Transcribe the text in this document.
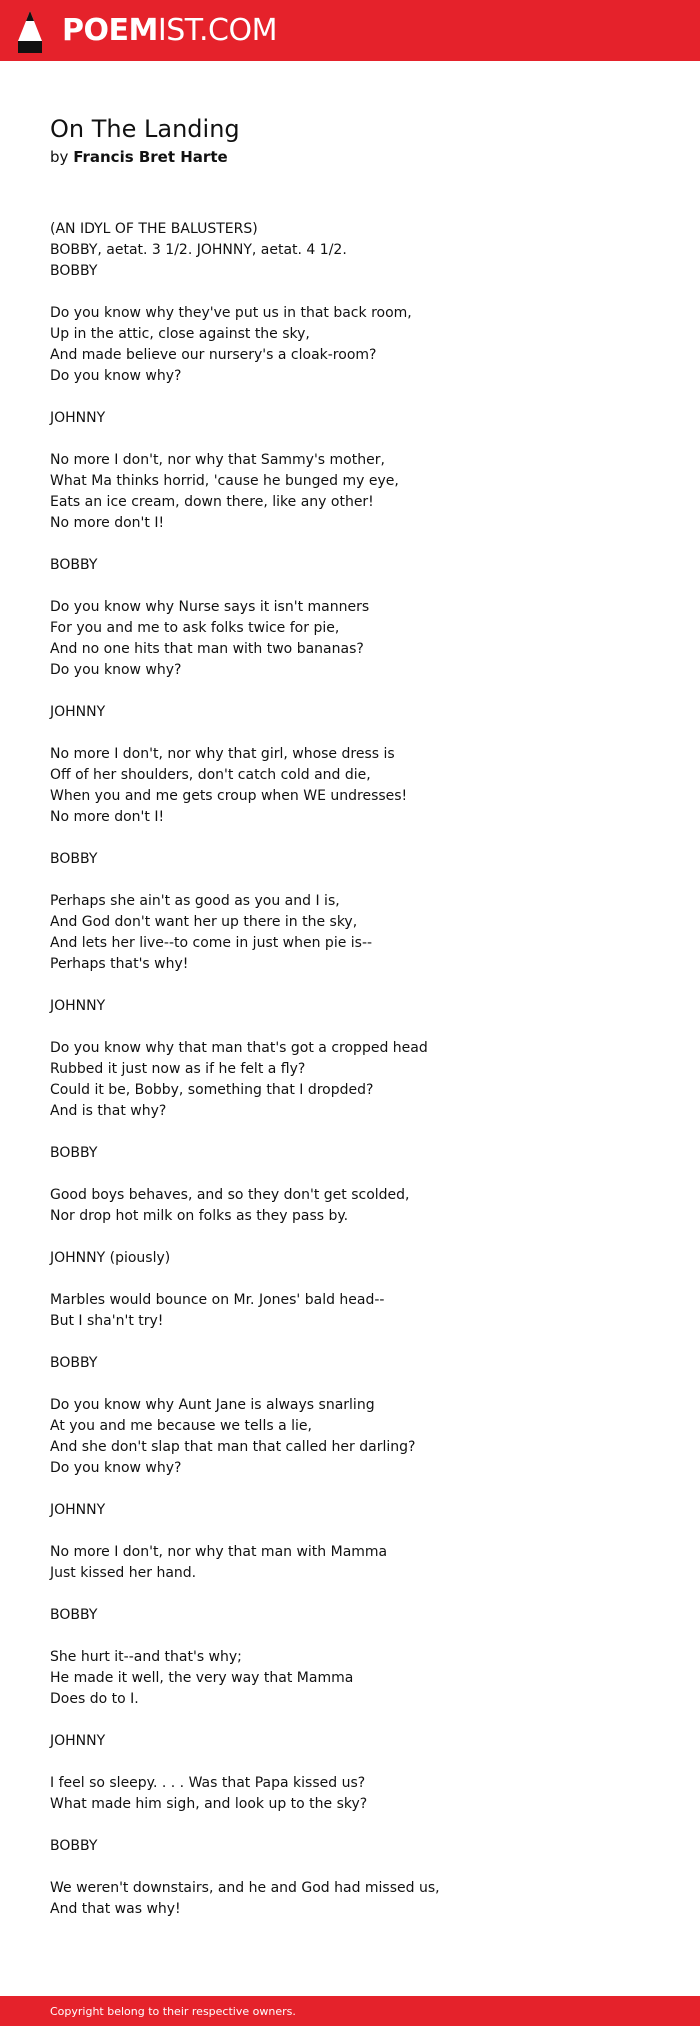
POEM IST.COM
On The Landing
by Francis Bret Harte
(AN IDYL OF THE BALUSTERS)
BOBBY, aetat. 3 1/2. JOHNNY, aetat. 4 1/2.
BOBBY
Do you know why they've put us in that back room,
Up in the attic, close against the sky,
And made believe our nursery's a cloak-room?
Do you know why?
JOHNNY
No more I don't, nor why that Sammy's mother,
What Ma thinks horrid, 'cause he bunged my eye,
Eats an ice cream, down there, like any other!
No more don't I!
BOBBY
Do you know why Nurse says it isn't manners
For you and me to ask folks twice for pie,
And no one hits that man with two bananas?
Do you know why?
JOHNNY
No more I don't, nor why that girl, whose dress is
Off of her shoulders, don't catch cold and die,
When you and me gets croup when WE undresses!
No more don't I!
BOBBY
Perhaps she ain't as good as you and I is,
And God don't want her up there in the sky,
And lets her live--to come in just when pie is--
Perhaps that's why!
JOHNNY
Do you know why that man that's got a cropped head
Rubbed it just now as if he felt a fly?
Could it be, Bobby, something that I dropded?
And is that why?
BOBBY
Good boys behaves, and so they don't get scolded,
Nor drop hot milk on folks as they pass by.
JOHNNY (piously)
Marbles would bounce on Mr. Jones' bald head--
But I sha'n't try!
BOBBY
Do you know why Aunt Jane is always snarling
At you and me because we tells a lie,
And she don't slap that man that called her darling?
Do you know why?
JOHNNY
No more I don't, nor why that man with Mamma
Just kissed her hand.
BOBBY
She hurt it--and that's why;
He made it well, the very way that Mamma
Does do to I.
JOHNNY
I feel so sleepy. . . . Was that Papa kissed us?
What made him sigh, and look up to the sky?
BOBBY
We weren't downstairs, and he and God had missed us,
And that was why!
Copyright belong to their respective owners.
